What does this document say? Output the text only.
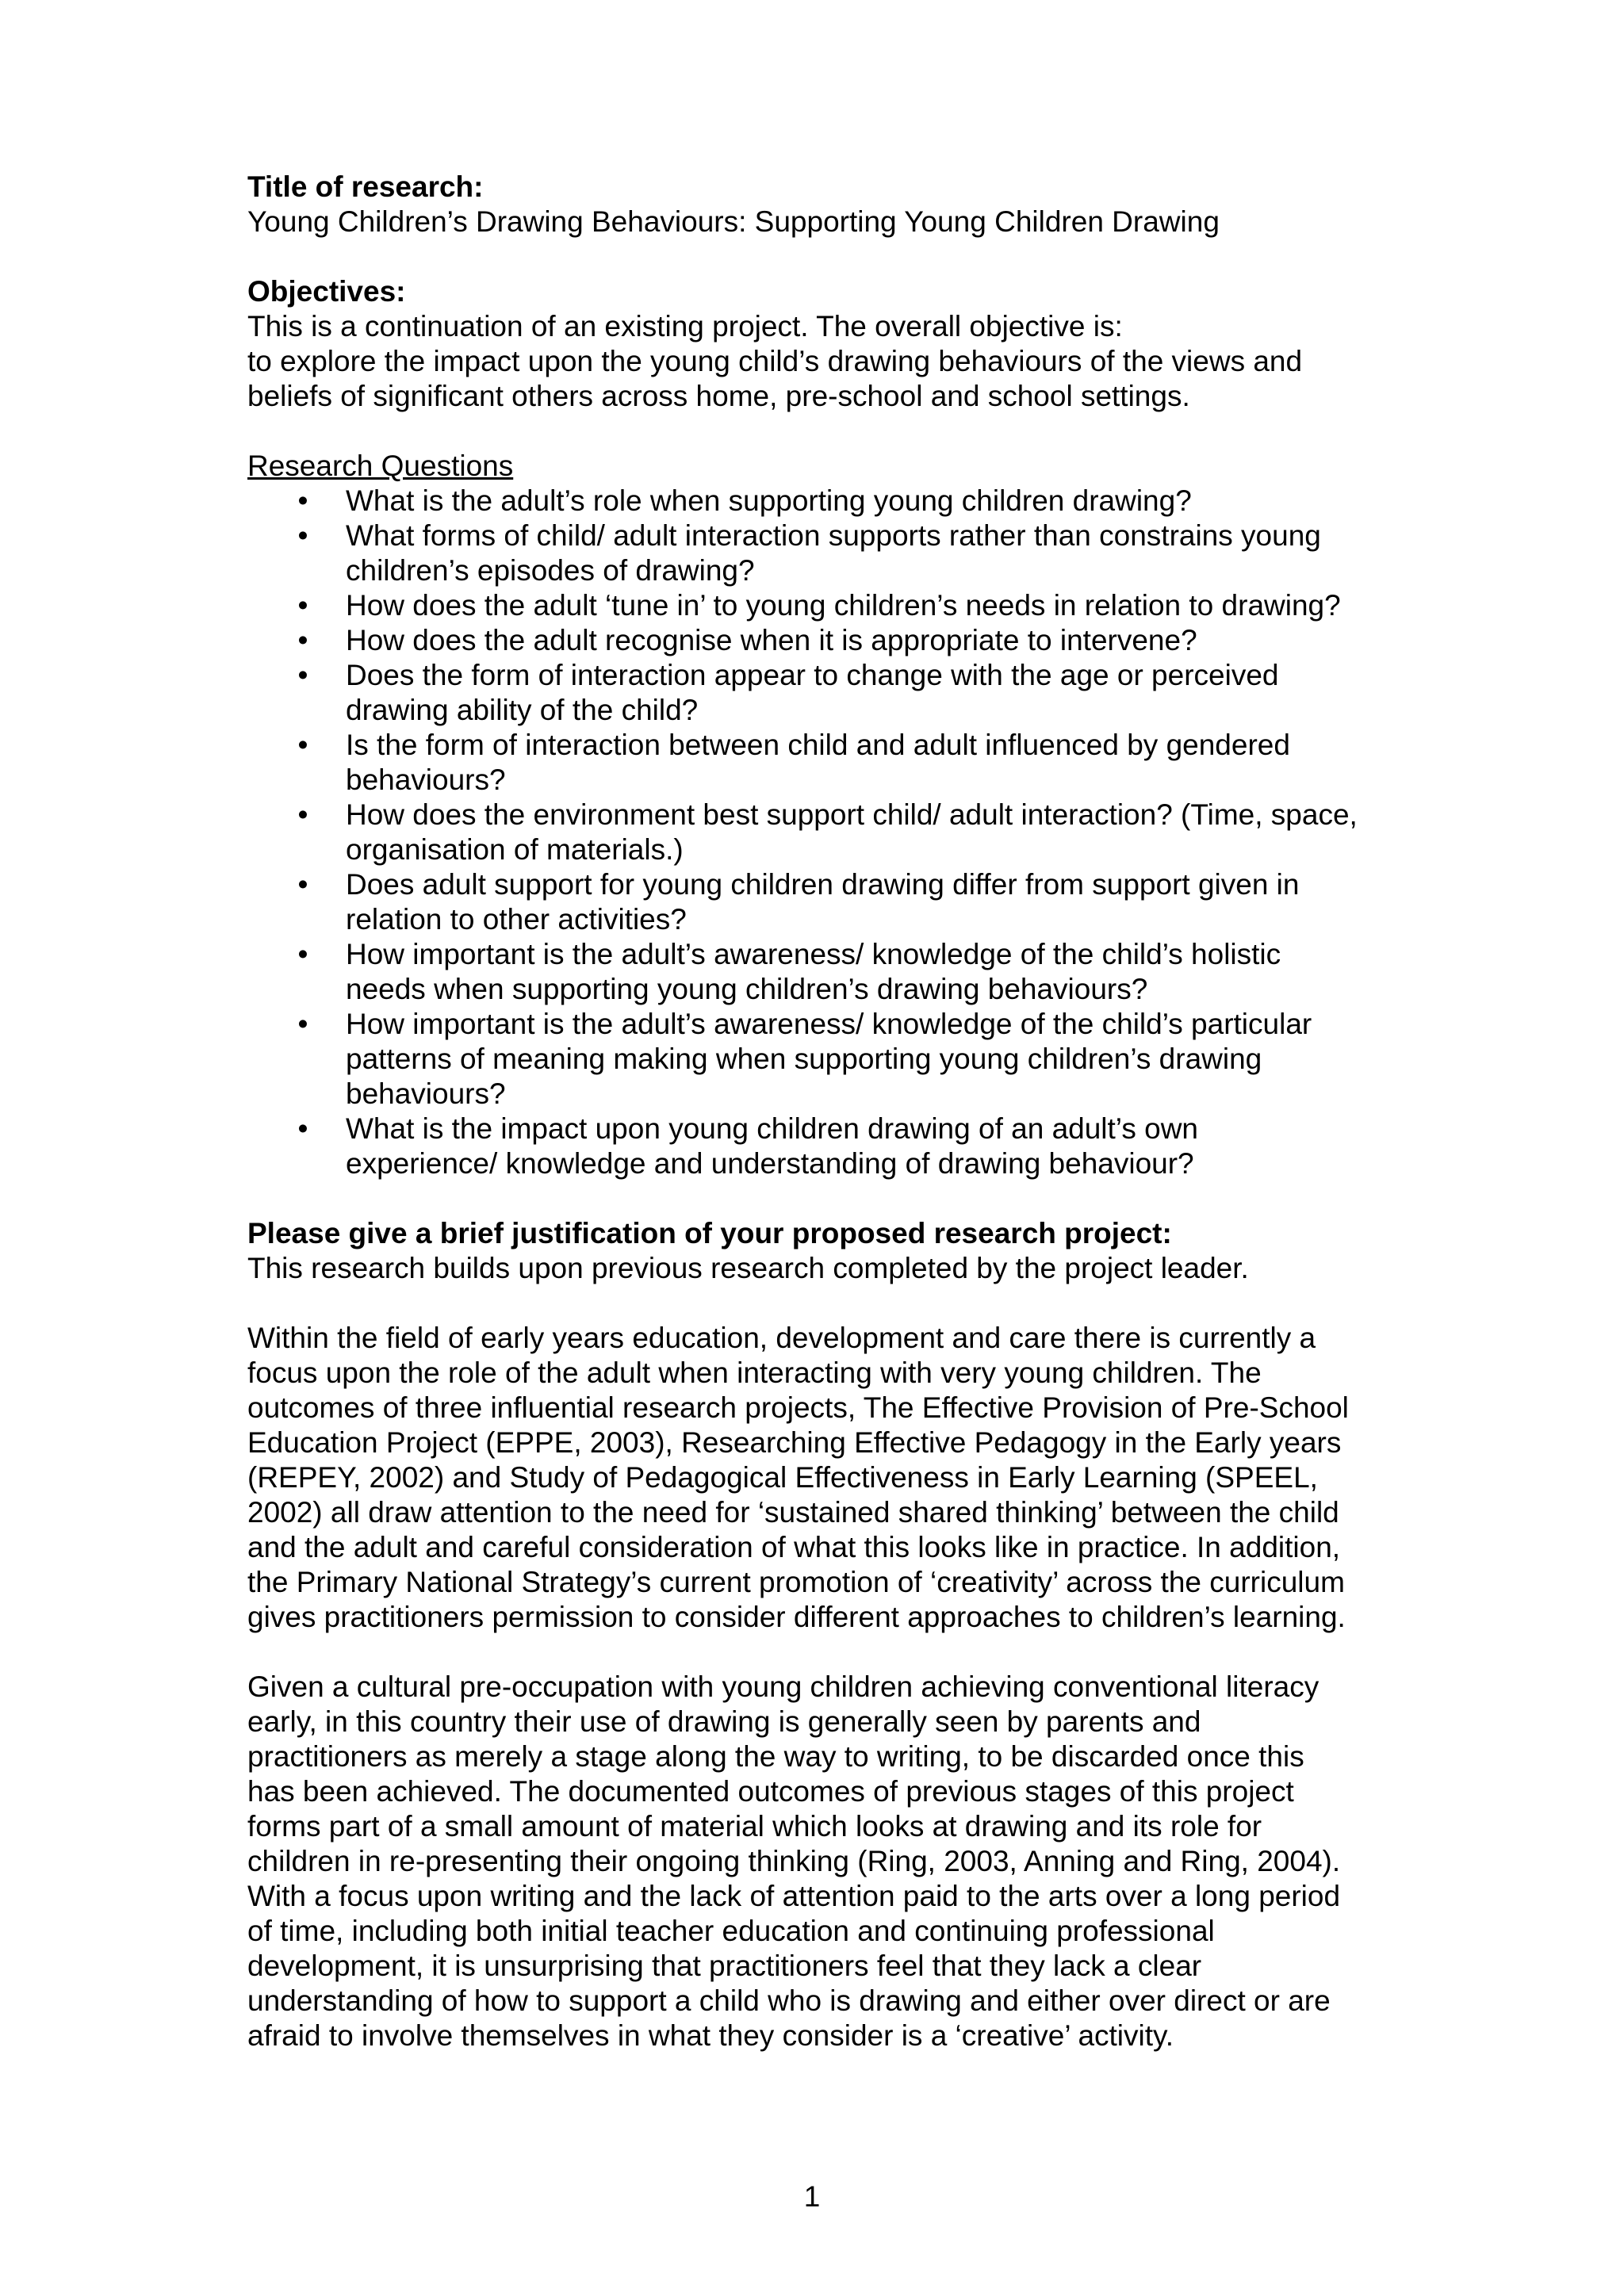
Title of research:

Young Children’s Drawing Behaviours: Supporting Young Children Drawing

Objectives:

This is a continuation of an existing project. The overall objective is:

to explore the impact upon the young child’s drawing behaviours of the views and

beliefs of significant others across home, pre-school and school settings.

Research Questions

• What is the adult’s role when supporting young children drawing?
• What forms of child/ adult interaction supports rather than constrains young
children’s episodes of drawing?
• How does the adult ‘tune in’ to young children’s needs in relation to drawing?
• How does the adult recognise when it is appropriate to intervene?
• Does the form of interaction appear to change with the age or perceived
drawing ability of the child?
• Is the form of interaction between child and adult influenced by gendered
behaviours?
• How does the environment best support child/ adult interaction? (Time, space,
organisation of materials.)
• Does adult support for young children drawing differ from support given in
relation to other activities?
• How important is the adult’s awareness/ knowledge of the child’s holistic
needs when supporting young children’s drawing behaviours?
• How important is the adult’s awareness/ knowledge of the child’s particular
patterns of meaning making when supporting young children’s drawing
behaviours?
• What is the impact upon young children drawing of an adult’s own
experience/ knowledge and understanding of drawing behaviour?

Please give a brief justification of your proposed research project:

This research builds upon previous research completed by the project leader.

Within the field of early years education, development and care there is currently a

focus upon the role of the adult when interacting with very young children. The

outcomes of three influential research projects, The Effective Provision of Pre-School

Education Project (EPPE, 2003), Researching Effective Pedagogy in the Early years

(REPEY, 2002) and Study of Pedagogical Effectiveness in Early Learning (SPEEL,

2002) all draw attention to the need for ‘sustained shared thinking’ between the child

and the adult and careful consideration of what this looks like in practice. In addition,

the Primary National Strategy’s current promotion of ‘creativity’ across the curriculum

gives practitioners permission to consider different approaches to children’s learning.

Given a cultural pre-occupation with young children achieving conventional literacy

early, in this country their use of drawing is generally seen by parents and

practitioners as merely a stage along the way to writing, to be discarded once this

has been achieved. The documented outcomes of previous stages of this project

forms part of a small amount of material which looks at drawing and its role for

children in re-presenting their ongoing thinking (Ring, 2003, Anning and Ring, 2004).

With a focus upon writing and the lack of attention paid to the arts over a long period

of time, including both initial teacher education and continuing professional

development, it is unsurprising that practitioners feel that they lack a clear

understanding of how to support a child who is drawing and either over direct or are

afraid to involve themselves in what they consider is a ‘creative’ activity.

1
